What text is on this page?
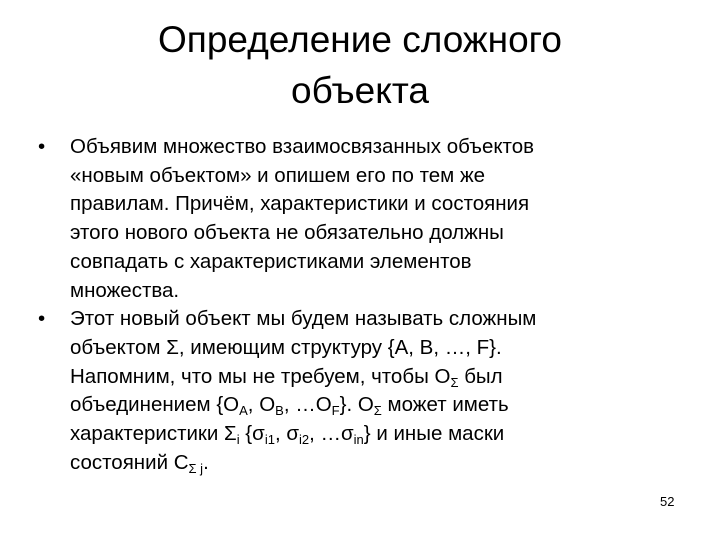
Определение сложного
объекта
•	Объявим множество взаимосвязанных объектов
«новым объектом» и опишем его по тем же
правилам. Причём, характеристики и состояния
этого нового объекта не обязательно должны
совпадать с характеристиками элементов
множества.
•	Этот новый объект мы будем называть сложным
объектом Σ, имеющим структуру {A, B, …, F}.
Напомним, что мы не требуем, чтобы $O_\Sigma$ был
объединением {$O_A$, $O_B$, $\dots O_F$}. $O_\Sigma$ может иметь
характеристики $\Sigma_i$ {$\sigma_{i1}$, $\sigma_{i2}$, $\dots\sigma_{in}$} и иные маски
состояний $C_{\Sigma j}$.
52
